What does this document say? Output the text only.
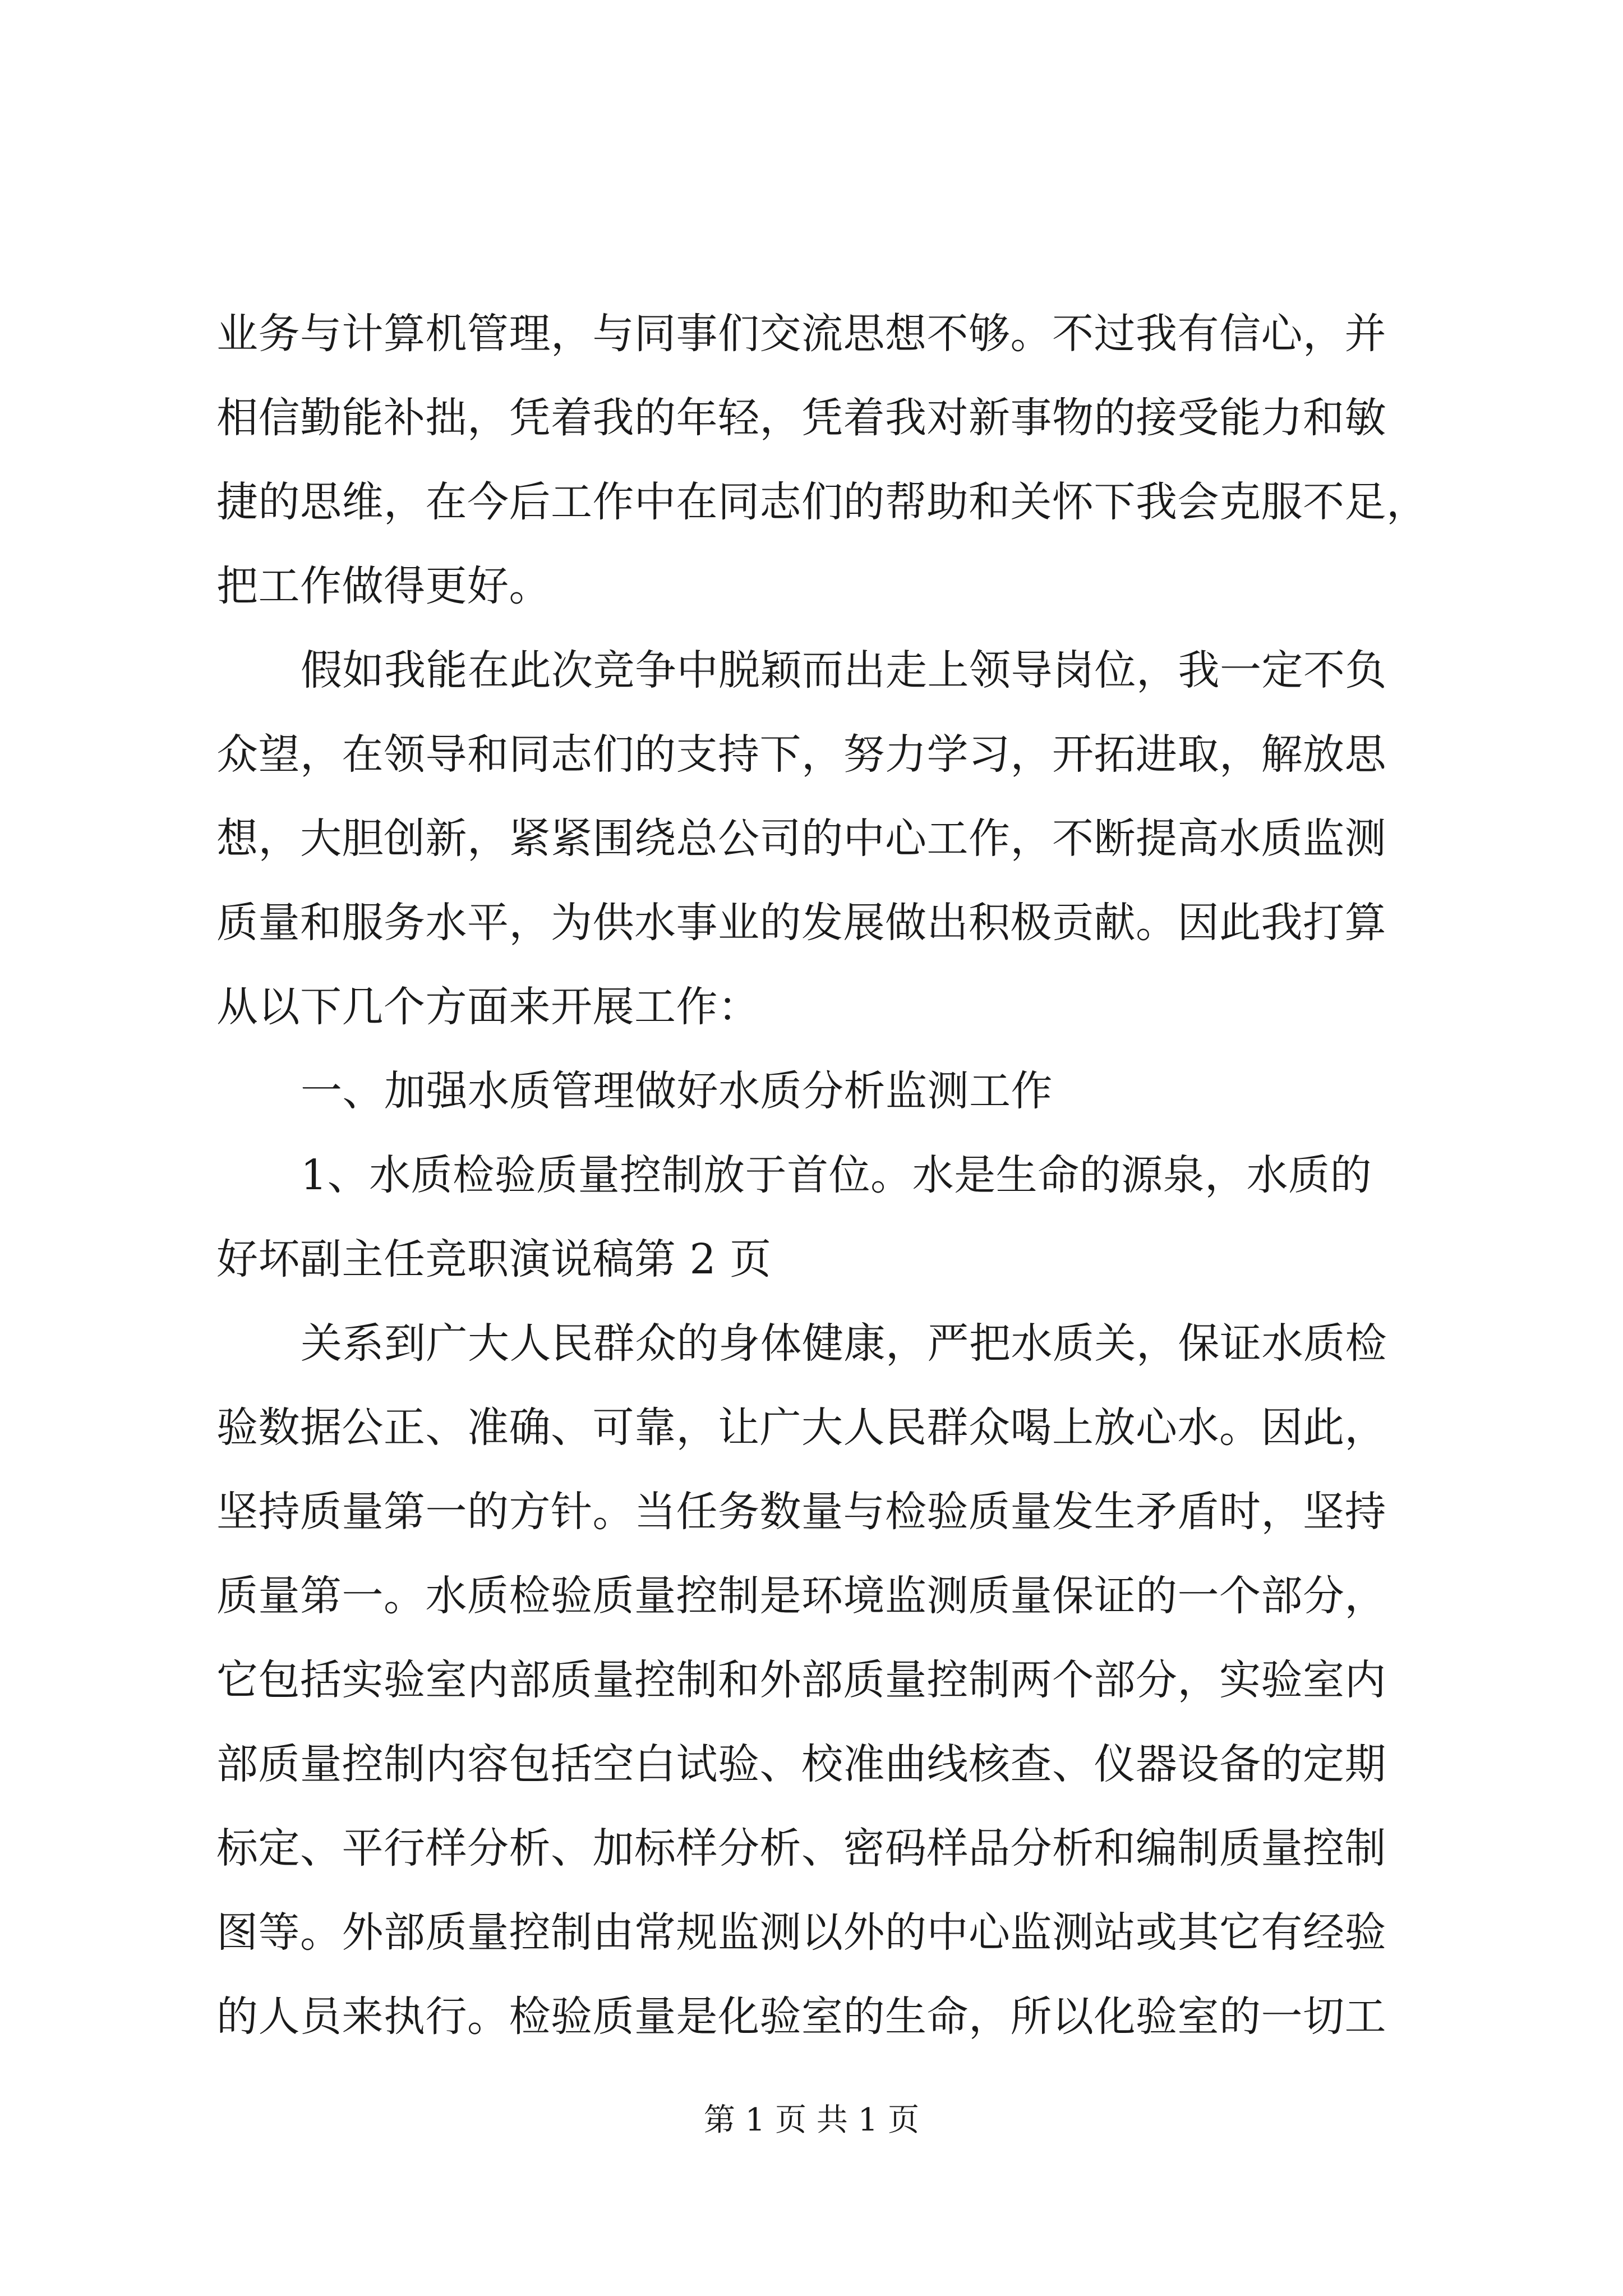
业务与计算机管理，与同事们交流思想不够。不过我有信心，并
相信勤能补拙，凭着我的年轻，凭着我对新事物的接受能力和敏
捷的思维，在今后工作中在同志们的帮助和关怀下我会克服不足，
把工作做得更好。
假如我能在此次竞争中脱颖而出走上领导岗位，我一定不负
众望，在领导和同志们的支持下，努力学习，开拓进取，解放思
想，大胆创新，紧紧围绕总公司的中心工作，不断提高水质监测
质量和服务水平，为供水事业的发展做出积极贡献。因此我打算
从以下几个方面来开展工作：
一、加强水质管理做好水质分析监测工作
1、水质检验质量控制放于首位。水是生命的源泉，水质的
好坏副主任竞职演说稿第 2 页
关系到广大人民群众的身体健康，严把水质关，保证水质检
验数据公正、准确、可靠，让广大人民群众喝上放心水。因此，
坚持质量第一的方针。当任务数量与检验质量发生矛盾时，坚持
质量第一。水质检验质量控制是环境监测质量保证的一个部分，
它包括实验室内部质量控制和外部质量控制两个部分，实验室内
部质量控制内容包括空白试验、校准曲线核查、仪器设备的定期
标定、平行样分析、加标样分析、密码样品分析和编制质量控制
图等。外部质量控制由常规监测以外的中心监测站或其它有经验
的人员来执行。检验质量是化验室的生命，所以化验室的一切工
第 1 页 共 1 页
